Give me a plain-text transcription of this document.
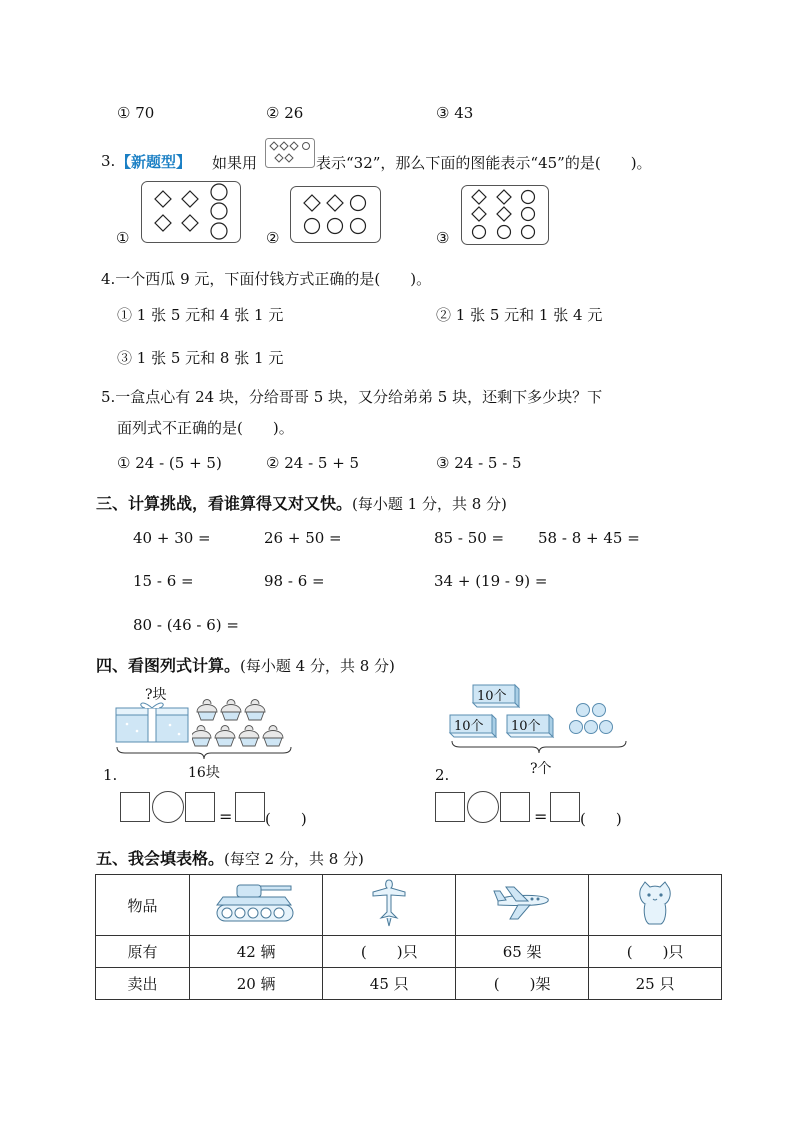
① 70	② 26	③ 43
3. 【新题型】 如果用	表示“32”，那么下面的图能表示“45”的是(　　)。
①	②	③
4.一个西瓜 9 元，下面付钱方式正确的是(　　)。
① 1 张 5 元和 4 张 1 元	② 1 张 5 元和 1 张 4 元
③ 1 张 5 元和 8 张 1 元
5.一盒点心有 24 块，分给哥哥 5 块，又分给弟弟 5 块，还剩下多少块？下
面列式不正确的是(　　)。
① 24 - (5 + 5)	② 24 - 5 + 5	③ 24 - 5 - 5
三、计算挑战，看谁算得又对又快。(每小题 1 分，共 8 分)
40 + 30 =	26 + 50 =	85 - 50 = 58 - 8 + 45 =
15 - 6 =	98 - 6 =	34 + (19 - 9) =
80 - (46 - 6) =
四、看图列式计算。(每小题 4 分，共 8 分)
?块
16块
1.
= (　　)
10个
10个 10个
?个
2.
= (　　)
五、我会填表格。(每空 2 分，共 8 分)
物品				
原有	42 辆	(　　)只	65 架	(　　)只
卖出	20 辆	45 只	(　　)架	25 只
